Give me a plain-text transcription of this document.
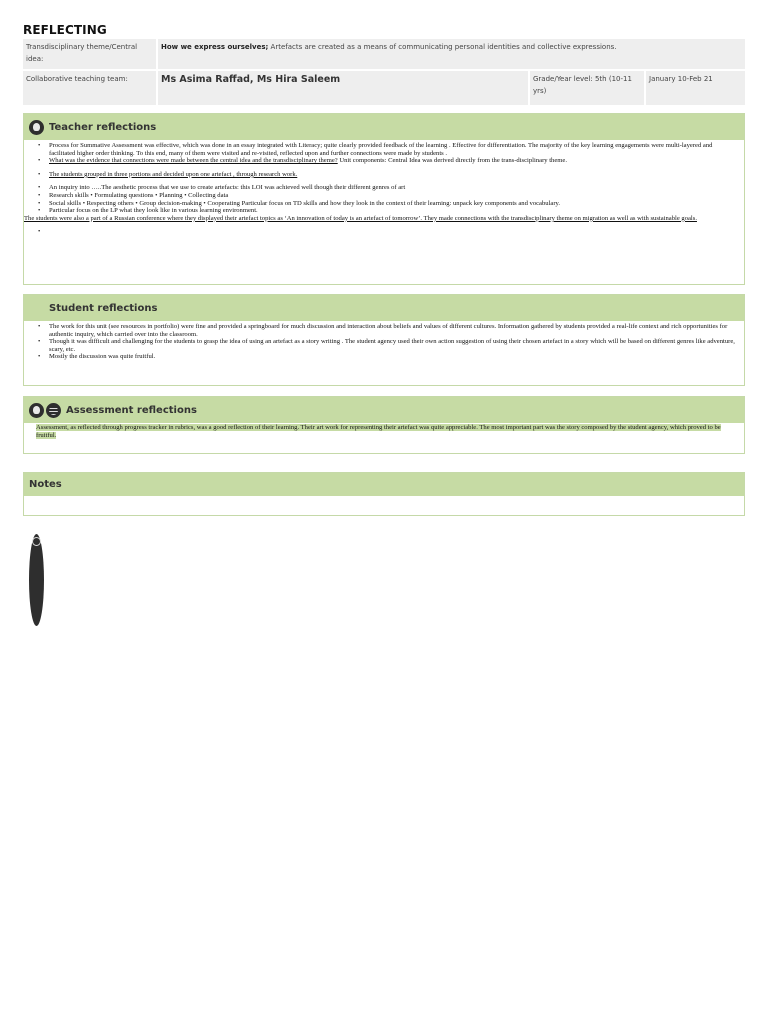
REFLECTING
Transdisciplinary theme/Central idea:
How we express ourselves; Artefacts are created as a means of communicating personal identities and collective expressions.
Collaborative teaching team:	Ms Asima Raffad, Ms Hira Saleem	Grade/Year level: 5th (10-11 yrs)
January 10-Feb 21
Teacher reflections
• Process for Summative Assessment was effective, which was done in an essay integrated with Literacy; quite clearly provided feedback of the learning . Effective for differentiation. The majority of the key learning engagements were multi-layered and facilitated higher order thinking. To this end, many of them were visited and re-visited, reflected upon and further connections were made by students .
• What was the evidence that connections were made between the central idea and the transdisciplinary theme? Unit components: Central Idea was derived directly from the trans-disciplinary theme.
• The students grouped in three portions and decided upon one artefact , through research work.
• An inquiry into …..The aesthetic process that we use to create artefacts: this LOI was achieved well though their different genres of art
• Research skills • Formulating questions • Planning • Collecting data
• Social skills • Respecting others • Group decision-making • Cooperating Particular focus on TD skills and how they look in the context of their learning: unpack key components and vocabulary.
• Particular focus on the LP what they look like in various learning environment.
The students were also a part of a Russian conference where they displayed their artefact topics as ‘An innovation of today is an artefact of tomorrow’. They made connections with the transdisciplinary theme on migration as well as with sustainable goals.
•
Student reflections
• The work for this unit (see resources in portfolio) were fine and provided a springboard for much discussion and interaction about beliefs and values of different cultures. Information gathered by students provided a real-life context and rich opportunities for authentic inquiry, which carried over into the classroom.
• Though it was difficult and challenging for the students to grasp the idea of using an artefact as a story writing . The student agency used their own action suggestion of using their chosen artefact in a story which will be based on different genres like adventure, scary, etc.
• Mostly the discussion was quite fruitful.
Assessment reflections
Assessment, as reflected through progress tracker in rubrics, was a good reflection of their learning. Their art work for representing their artefact was quite appreciable. The most important part was the story composed by the student agency, which proved to be fruitful.
Notes
